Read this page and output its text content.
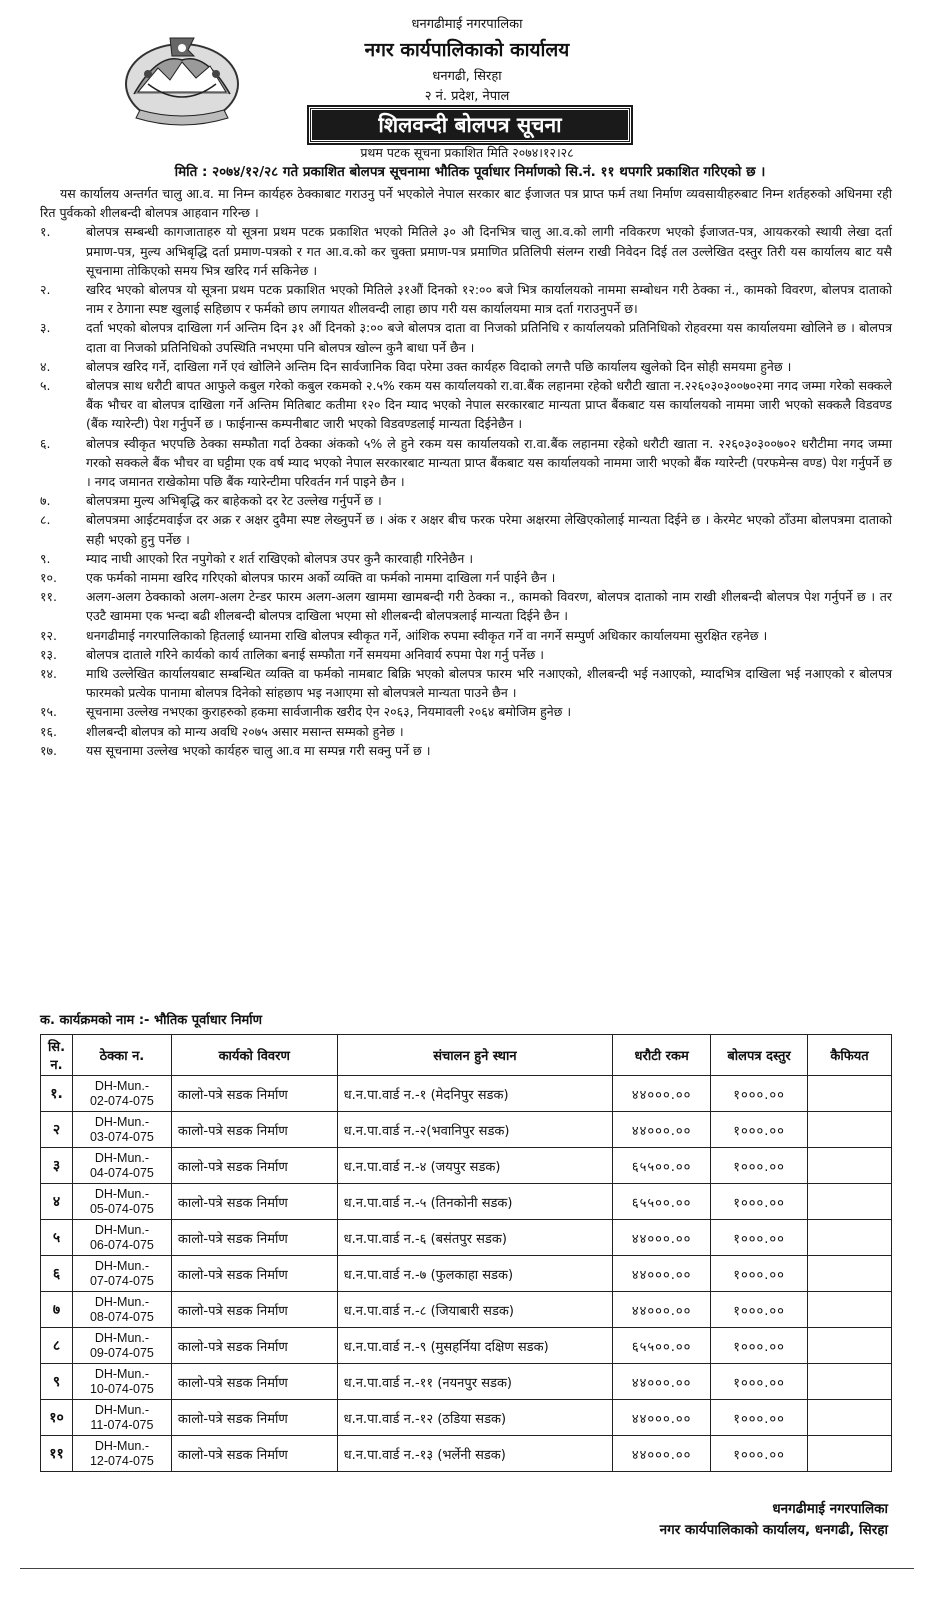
धनगढीमाई नगरपालिका
नगर कार्यपालिकाको कार्यालय
धनगढी, सिरहा
२ नं. प्रदेश, नेपाल
शिलवन्दी बोलपत्र सूचना
प्रथम पटक सूचना प्रकाशित मिति २०७४।१२।२८
मिति : २०७४/१२/२८ गते प्रकाशित बोलपत्र सूचनामा भौतिक पूर्वाधार निर्माणको सि.नं. ११ थपगरि प्रकाशित गरिएको छ ।

यस कार्यालय अन्तर्गत चालु आ.व. मा निम्न कार्यहरु ठेक्काबाट गराउनु पर्ने भएकोले नेपाल सरकार बाट ईजाजत पत्र प्राप्त फर्म तथा निर्माण व्यवसायीहरुबाट निम्न शर्तहरुको अधिनमा रही रित पुर्वकको शीलबन्दी बोलपत्र आहवान गरिन्छ ।

१.	बोलपत्र सम्बन्धी कागजाताहरु यो सूत्रना प्रथम पटक प्रकाशित भएको मितिले ३० औ दिनभित्र चालु आ.व.को लागी नविकरण भएको ईजाजत-पत्र, आयकरको स्थायी लेखा दर्ता प्रमाण-पत्र, मुल्य अभिबृद्धि दर्ता प्रमाण-पत्रको र गत आ.व.को कर चुक्ता प्रमाण-पत्र प्रमाणित प्रतिलिपी संलग्न राखी निवेदन दिई तल उल्लेखित दस्तुर तिरी यस कार्यालय बाट यसै सूचनामा तोकिएको समय भित्र खरिद गर्न सकिनेछ ।
२.	खरिद भएको बोलपत्र यो सूत्रना प्रथम पटक प्रकाशित भएको मितिले ३१औं दिनको १२:०० बजे भित्र कार्यालयको नाममा सम्बोधन गरी ठेक्का नं., कामको विवरण, बोलपत्र दाताको नाम र ठेगाना स्पष्ट खुलाई सहिछाप र फर्मको छाप लगायत शीलवन्दी लाहा छाप गरी यस कार्यालयमा मात्र दर्ता गराउनुपर्ने छ।
३.	दर्ता भएको बोलपत्र दाखिला गर्न अन्तिम दिन ३१ औं दिनको ३:०० बजे बोलपत्र दाता वा निजको प्रतिनिधि र कार्यालयको प्रतिनिधिको रोहवरमा यस कार्यालयमा खोलिने छ । बोलपत्र दाता वा निजको प्रतिनिधिको उपस्थिति नभएमा पनि बोलपत्र खोल्न कुनै बाधा पर्ने छैन ।
४.	बोलपत्र खरिद गर्ने, दाखिला गर्ने एवं खोलिने अन्तिम दिन सार्वजानिक विदा परेमा उक्त कार्यहरु विदाको लगत्तै पछि कार्यालय खुलेको दिन सोही समयमा हुनेछ ।
५.	बोलपत्र साथ धरौटी बापत आफुले कबुल गरेको कबुल रकमको २.५% रकम यस कार्यालयको रा.वा.बैंक लहानमा रहेको धरौटी खाता न.२२६०३०३००७०२मा नगद जम्मा गरेको सक्कले बैंक भौचर वा बोलपत्र दाखिला गर्ने अन्तिम मितिबाट कतीमा १२० दिन म्याद भएको नेपाल सरकारबाट मान्यता प्राप्त बैंकबाट यस कार्यालयको नाममा जारी भएको सक्कलै विडवण्ड (बैंक ग्यारेन्टी) पेश गर्नुपर्ने छ । फाईनान्स कम्पनीबाट जारी भएको विडवण्डलाई मान्यता दिईनेछैन ।
६.	बोलपत्र स्वीकृत भएपछि ठेक्का सम्फौता गर्दा ठेक्का अंकको ५% ले हुने रकम यस कार्यालयको रा.वा.बैंक लहानमा रहेको धरौटी खाता न. २२६०३०३००७०२ धरौटीमा नगद जम्मा गरको सक्कले बैंक भौचर वा घट्टीमा एक वर्ष म्याद भएको नेपाल सरकारबाट मान्यता प्राप्त बैंकबाट यस कार्यालयको नाममा जारी भएको बैंक ग्यारेन्टी (परफमेन्स वण्ड) पेश गर्नुपर्ने छ । नगद जमानत राखेकोमा पछि बैंक ग्यारेन्टीमा परिवर्तन गर्न पाइने छैन ।
७.	बोलपत्रमा मुल्य अभिबृद्धि कर बाहेकको दर रेट उल्लेख गर्नुपर्ने छ ।
८.	बोलपत्रमा आईटमवाईज दर अक्र र अक्षर दुवैमा स्पष्ट लेख्नुपर्ने छ । अंक र अक्षर बीच फरक परेमा अक्षरमा लेखिएकोलाई मान्यता दिईने छ । केरमेट भएको ठाँउमा बोलपत्रमा दाताको सही भएको हुनु पर्नेछ ।
९.	म्याद नाघी आएको रित नपुगेको र शर्त राखिएको बोलपत्र उपर कुनै कारवाही गरिनेछैन ।
१०.	एक फर्मको नाममा खरिद गरिएको बोलपत्र फारम अर्को व्यक्ति वा फर्मको नाममा दाखिला गर्न पाईने छैन ।
११.	अलग-अलग ठेक्काको अलग-अलग टेन्डर फारम अलग-अलग खाममा खामबन्दी गरी ठेक्का न., कामको विवरण, बोलपत्र दाताको नाम राखी शीलबन्दी बोलपत्र पेश गर्नुपर्ने छ । तर एउटै खाममा एक भन्दा बढी शीलबन्दी बोलपत्र दाखिला भएमा सो शीलबन्दी बोलपत्रलाई मान्यता दिईने छैन ।
१२.	धनगढीमाई नगरपालिकाको हितलाई ध्यानमा राखि बोलपत्र स्वीकृत गर्ने, आंशिक रुपमा स्वीकृत गर्ने वा नगर्ने सम्पुर्ण अधिकार कार्यालयमा सुरक्षित रहनेछ ।
१३.	बोलपत्र दाताले गरिने कार्यको कार्य तालिका बनाई सम्फौता गर्ने समयमा अनिवार्य रुपमा पेश गर्नु पर्नेछ ।
१४.	माथि उल्लेखित कार्यालयबाट सम्बन्धित व्यक्ति वा फर्मको नामबाट बिक्रि भएको बोलपत्र फारम भरि नआएको, शीलबन्दी भई नआएको, म्यादभित्र दाखिला भई नआएको र बोलपत्र फारमको प्रत्येक पानामा बोलपत्र दिनेको सांहछाप भइ नआएमा सो बोलपत्रले मान्यता पाउने छैन ।
१५.	सूचनामा उल्लेख नभएका कुराहरुको हकमा सार्वजानीक खरीद ऐन २०६३, नियमावली २०६४ बमोजिम हुनेछ ।
१६.	शीलबन्दी बोलपत्र को मान्य अवधि २०७५ असार मसान्त सम्मको हुनेछ ।
१७.	यस सूचनामा उल्लेख भएको कार्यहरु चालु आ.व मा सम्पन्न गरी सक्नु पर्ने छ ।
क. कार्यक्रमको नाम :- भौतिक पूर्वाधार निर्माण
सि. न.	ठेक्का न.	कार्यको विवरण	संचालन हुने स्थान	धरौटी रकम	बोलपत्र दस्तुर	कैफियत
१.	DH-Mun.-
02-074-075	कालो-पत्रे सडक निर्माण	ध.न.पा.वार्ड न.-१ (मेदनिपुर सडक)	४४०००.००	१०००.००	
२	DH-Mun.-
03-074-075	कालो-पत्रे सडक निर्माण	ध.न.पा.वार्ड न.-२(भवानिपुर सडक)	४४०००.००	१०००.००	
३	DH-Mun.-
04-074-075	कालो-पत्रे सडक निर्माण	ध.न.पा.वार्ड न.-४ (जयपुर सडक)	६५५००.००	१०००.००	
४	DH-Mun.-
05-074-075	कालो-पत्रे सडक निर्माण	ध.न.पा.वार्ड न.-५ (तिनकोनी सडक)	६५५००.००	१०००.००	
५	DH-Mun.-
06-074-075	कालो-पत्रे सडक निर्माण	ध.न.पा.वार्ड न.-६ (बसंतपुर सडक)	४४०००.००	१०००.००	
६	DH-Mun.-
07-074-075	कालो-पत्रे सडक निर्माण	ध.न.पा.वार्ड न.-७ (फुलकाहा सडक)	४४०००.००	१०००.००	
७	DH-Mun.-
08-074-075	कालो-पत्रे सडक निर्माण	ध.न.पा.वार्ड न.-८ (जियाबारी सडक)	४४०००.००	१०००.००	
८	DH-Mun.-
09-074-075	कालो-पत्रे सडक निर्माण	ध.न.पा.वार्ड न.-९ (मुसहर्निया दक्षिण सडक)	६५५००.००	१०००.००	
९	DH-Mun.-
10-074-075	कालो-पत्रे सडक निर्माण	ध.न.पा.वार्ड न.-११ (नयनपुर सडक)	४४०००.००	१०००.००	
१०	DH-Mun.-
11-074-075	कालो-पत्रे सडक निर्माण	ध.न.पा.वार्ड न.-१२ (ठडिया सडक)	४४०००.००	१०००.००	
११	DH-Mun.-
12-074-075	कालो-पत्रे सडक निर्माण	ध.न.पा.वार्ड न.-१३ (भर्लेनी सडक)	४४०००.००	१०००.००	
धनगढीमाई नगरपालिका
नगर कार्यपालिकाको कार्यालय, धनगढी, सिरहा
